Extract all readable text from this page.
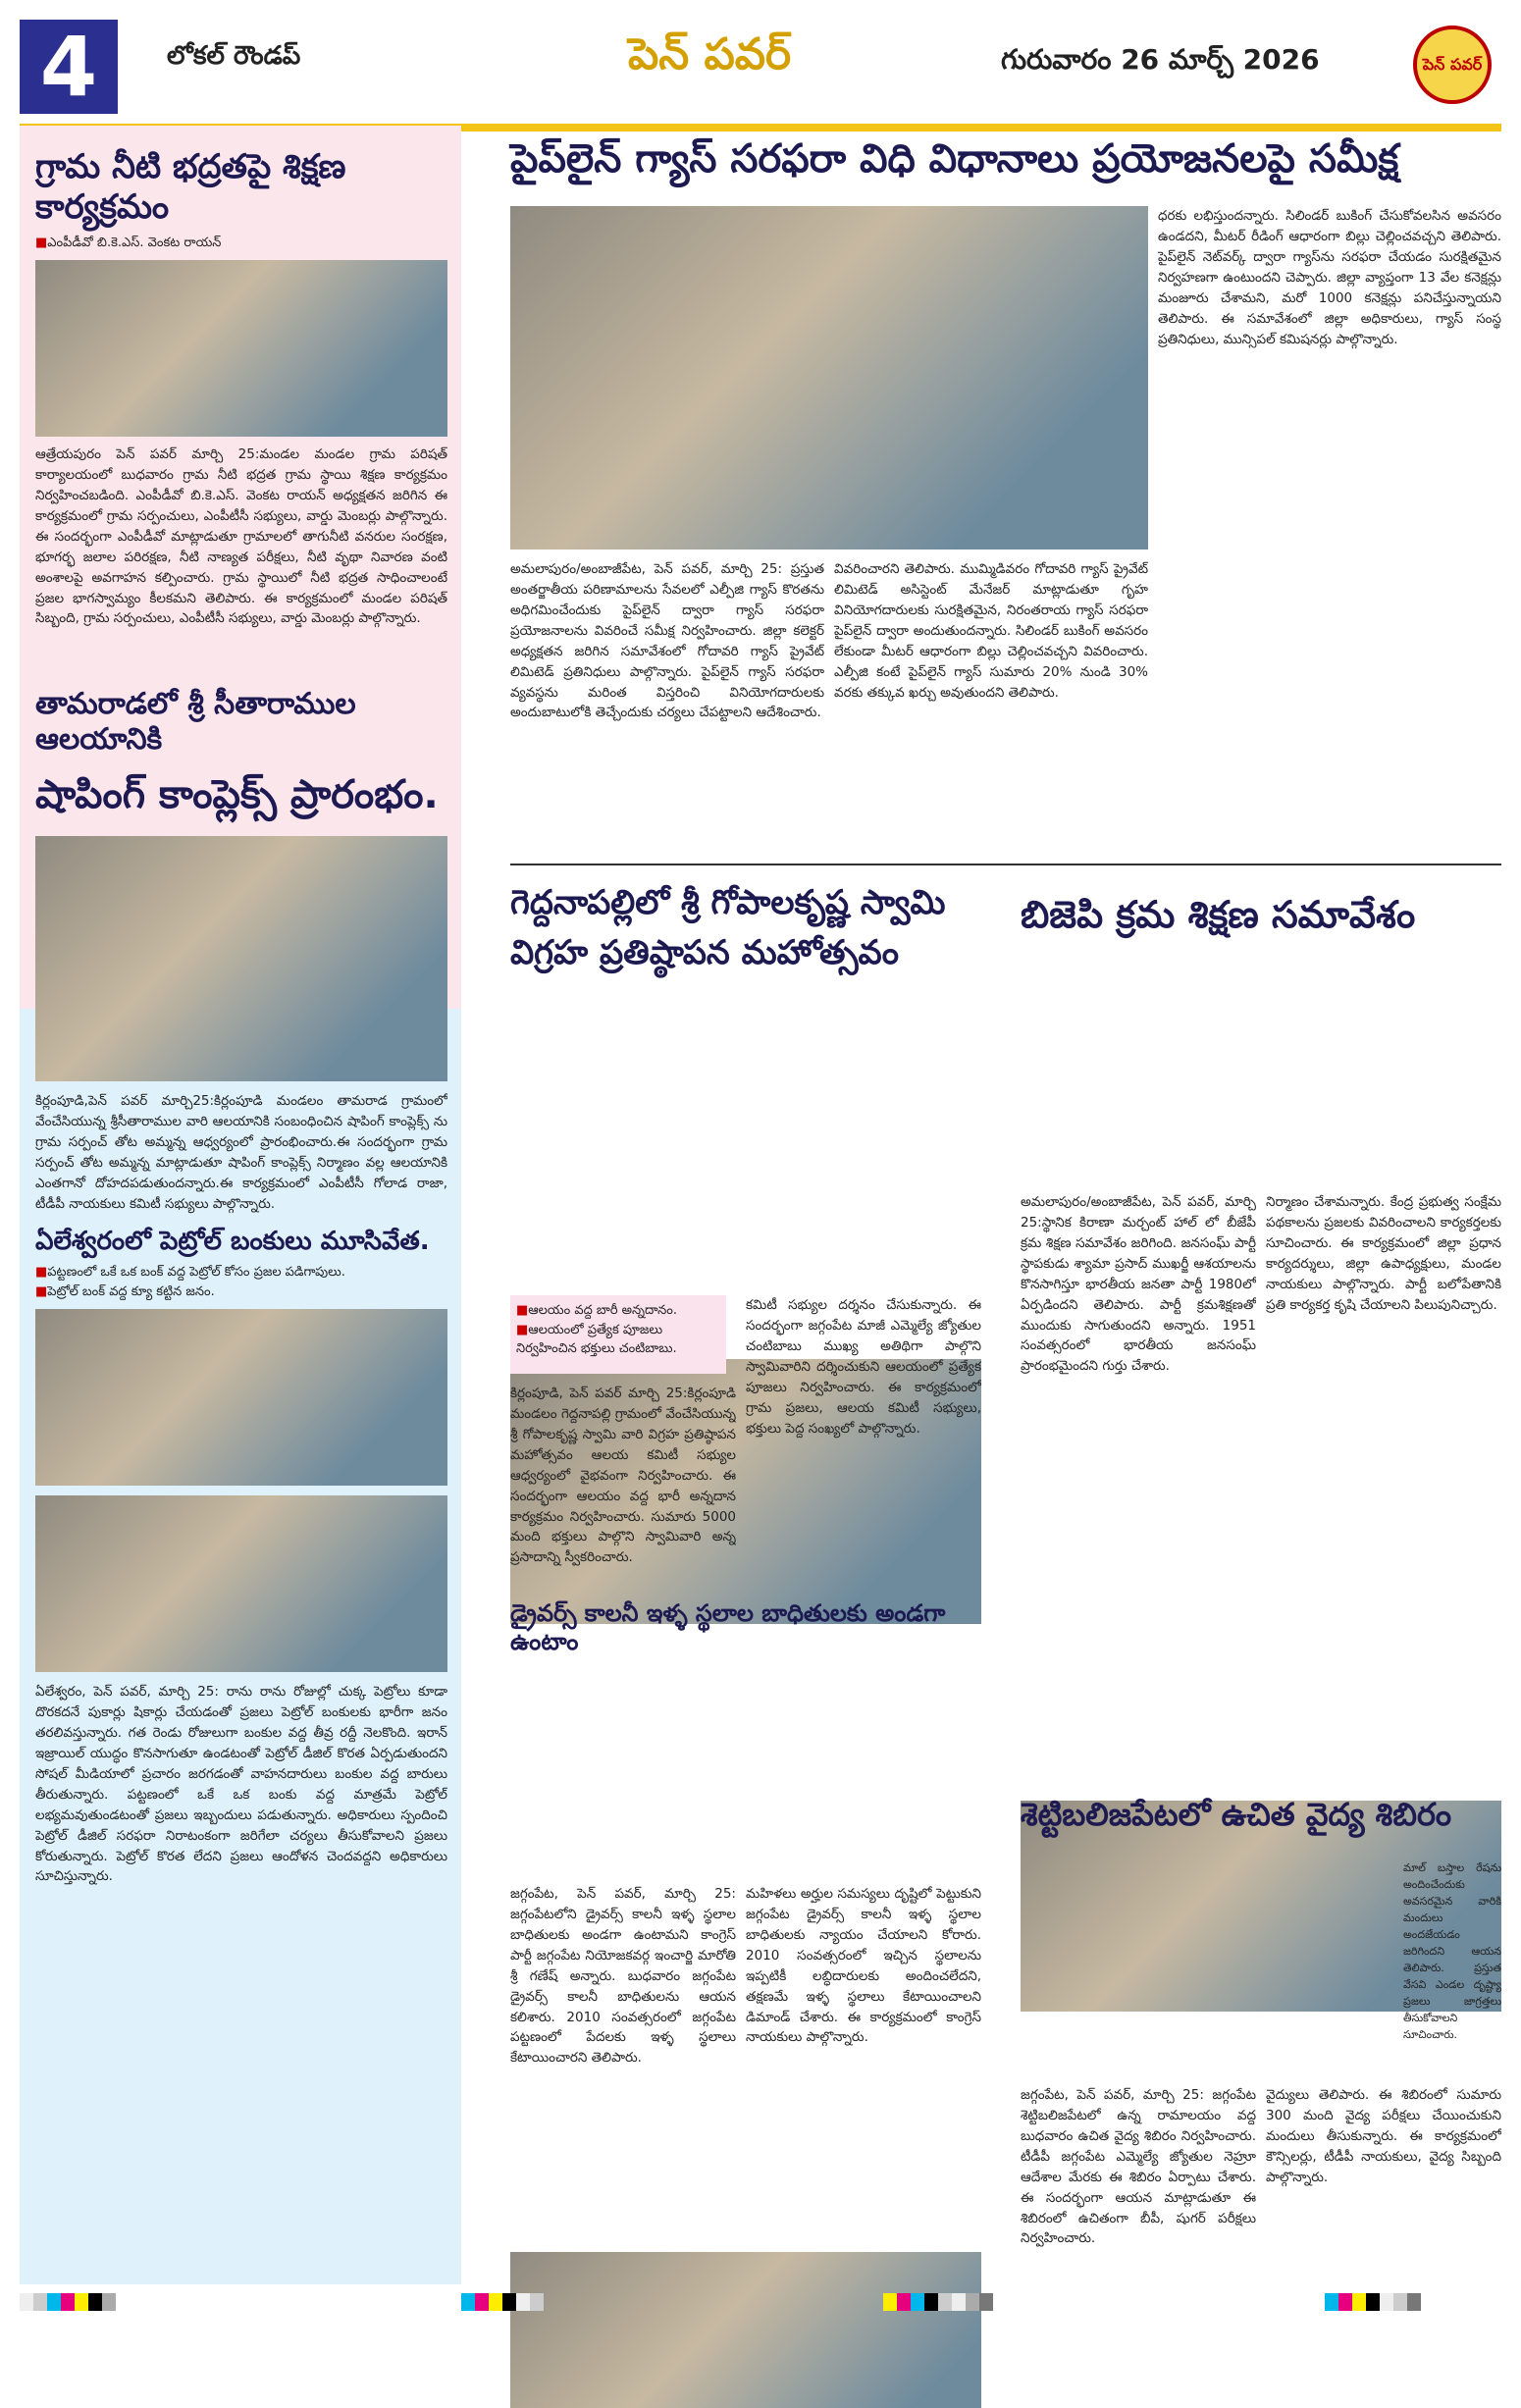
4	లోకల్ రౌండప్	పెన్ పవర్	గురువారం 26 మార్చ్ 2026	పెన్ పవర్
గ్రామ నీటి భద్రతపై శిక్షణ కార్యక్రమం
■ ఎంపీడీవో బి.కె.ఎస్. వెంకట రాయన్
ఆత్రేయపురం పెన్ పవర్ మార్చి 25:మండల మండల గ్రామ పరిషత్ కార్యాలయంలో బుధవారం గ్రామ నీటి భద్రత గ్రామ స్థాయి శిక్షణ కార్యక్రమం నిర్వహించబడింది. ఎంపీడీవో బి.కె.ఎస్. వెంకట రాయన్ అధ్యక్షతన జరిగిన ఈ కార్యక్రమంలో గ్రామ సర్పంచులు, ఎంపీటీసీ సభ్యులు, వార్డు మెంబర్లు పాల్గొన్నారు. ఈ సందర్భంగా ఎంపీడీవో మాట్లాడుతూ గ్రామాలలో తాగునీటి వనరుల సంరక్షణ, భూగర్భ జలాల పరిరక్షణ, నీటి నాణ్యత పరీక్షలు, నీటి వృథా నివారణ వంటి అంశాలపై అవగాహన కల్పించారు. గ్రామ స్థాయిలో నీటి భద్రత సాధించాలంటే ప్రజల భాగస్వామ్యం కీలకమని తెలిపారు. ఈ కార్యక్రమంలో మండల పరిషత్ సిబ్బంది, గ్రామ సర్పంచులు, ఎంపీటీసీ సభ్యులు, వార్డు మెంబర్లు పాల్గొన్నారు.
తామరాడలో శ్రీ సీతారాముల ఆలయానికి
షాపింగ్ కాంప్లెక్స్ ప్రారంభం.
కిర్లంపూడి,పెన్ పవర్ మార్చి25:కిర్లంపూడి మండలం తామరాడ గ్రామంలో వేంచేసియున్న శ్రీసీతారాముల వారి ఆలయానికి సంబంధించిన షాపింగ్ కాంప్లెక్స్ ను గ్రామ సర్పంచ్ తోట అమ్మన్న ఆధ్వర్యంలో ప్రారంభించారు.ఈ సందర్భంగా గ్రామ సర్పంచ్ తోట అమ్మన్న మాట్లాడుతూ షాపింగ్ కాంప్లెక్స్ నిర్మాణం వల్ల ఆలయానికి ఎంతగానో దోహదపడుతుందన్నారు.ఈ కార్యక్రమంలో ఎంపీటీసీ గోలాడ రాజా, టీడీపీ నాయకులు కమిటీ సభ్యులు పాల్గొన్నారు.
ఏలేశ్వరంలో పెట్రోల్ బంకులు మూసివేత.
■ పట్టణంలో ఒకే ఒక బంక్ వద్ద పెట్రోల్ కోసం ప్రజల పడిగాపులు.
■ పెట్రోల్ బంక్ వద్ద క్యూ కట్టిన జనం.
ఏలేశ్వరం, పెన్ పవర్, మార్చి 25: రాను రాను రోజుల్లో చుక్క పెట్రోలు కూడా దొరకదనే పుకార్లు షికార్లు చేయడంతో ప్రజలు పెట్రోల్ బంకులకు భారీగా జనం తరలివస్తున్నారు. గత రెండు రోజులుగా బంకుల వద్ద తీవ్ర రద్దీ నెలకొంది. ఇరాన్ ఇజ్రాయిల్ యుద్ధం కొనసాగుతూ ఉండటంతో పెట్రోల్ డీజిల్ కొరత ఏర్పడుతుందని సోషల్ మీడియాలో ప్రచారం జరగడంతో వాహనదారులు బంకుల వద్ద బారులు తీరుతున్నారు. పట్టణంలో ఒకే ఒక బంకు వద్ద మాత్రమే పెట్రోల్ లభ్యమవుతుండటంతో ప్రజలు ఇబ్బందులు పడుతున్నారు. అధికారులు స్పందించి పెట్రోల్ డీజిల్ సరఫరా నిరాటంకంగా జరిగేలా చర్యలు తీసుకోవాలని ప్రజలు కోరుతున్నారు. పెట్రోల్ కొరత లేదని ప్రజలు ఆందోళన చెందవద్దని అధికారులు సూచిస్తున్నారు.
పైప్‌లైన్ గ్యాస్ సరఫరా విధి విధానాలు ప్రయోజనలపై సమీక్ష
అమలాపురం/అంబాజీపేట, పెన్ పవర్, మార్చి 25: ప్రస్తుత అంతర్జాతీయ పరిణామాలను సేవలలో ఎల్పీజి గ్యాస్ కొరతను అధిగమించేందుకు పైప్‌లైన్ ద్వారా గ్యాస్ సరఫరా ప్రయోజనాలను వివరించే సమీక్ష నిర్వహించారు. జిల్లా కలెక్టర్ అధ్యక్షతన జరిగిన సమావేశంలో గోదావరి గ్యాస్ ప్రైవేట్ లిమిటెడ్ ప్రతినిధులు పాల్గొన్నారు. పైప్‌లైన్ గ్యాస్ సరఫరా వ్యవస్థను మరింత విస్తరించి వినియోగదారులకు అందుబాటులోకి తెచ్చేందుకు చర్యలు చేపట్టాలని ఆదేశించారు.
వివరించారని తెలిపారు. ముమ్మిడివరం గోదావరి గ్యాస్ ప్రైవేట్ లిమిటెడ్ అసిస్టెంట్ మేనేజర్ మాట్లాడుతూ గృహ వినియోగదారులకు సురక్షితమైన, నిరంతరాయ గ్యాస్ సరఫరా పైప్‌లైన్ ద్వారా అందుతుందన్నారు. సిలిండర్ బుకింగ్ అవసరం లేకుండా మీటర్ ఆధారంగా బిల్లు చెల్లించవచ్చని వివరించారు. ఎల్పీజి కంటే పైప్‌లైన్ గ్యాస్ సుమారు 20% నుండి 30% వరకు తక్కువ ఖర్చు అవుతుందని తెలిపారు.
ధరకు లభిస్తుందన్నారు. సిలిండర్ బుకింగ్ చేసుకోవలసిన అవసరం ఉండదని, మీటర్ రీడింగ్ ఆధారంగా బిల్లు చెల్లించవచ్చని తెలిపారు. పైప్‌లైన్ నెట్‌వర్క్ ద్వారా గ్యాస్‌ను సరఫరా చేయడం సురక్షితమైన నిర్వహణగా ఉంటుందని చెప్పారు. జిల్లా వ్యాప్తంగా 13 వేల కనెక్షన్లు మంజూరు చేశామని, మరో 1000 కనెక్షన్లు పనిచేస్తున్నాయని తెలిపారు. ఈ సమావేశంలో జిల్లా అధికారులు, గ్యాస్ సంస్థ ప్రతినిధులు, మున్సిపల్ కమిషనర్లు పాల్గొన్నారు.
గెద్దనాపల్లిలో శ్రీ గోపాలకృష్ణ స్వామి
విగ్రహ ప్రతిష్ఠాపన మహోత్సవం
■ ఆలయం వద్ద బారీ అన్నదానం.
■ ఆలయంలో ప్రత్యేక పూజలు నిర్వహించిన భక్తులు చంటిబాబు.
కిర్లంపూడి, పెన్ పవర్ మార్చి 25:కిర్లంపూడి మండలం గెద్దనాపల్లి గ్రామంలో వేంచేసియున్న శ్రీ గోపాలకృష్ణ స్వామి వారి విగ్రహ ప్రతిష్ఠాపన మహోత్సవం ఆలయ కమిటీ సభ్యుల ఆధ్వర్యంలో వైభవంగా నిర్వహించారు. ఈ సందర్భంగా ఆలయం వద్ద భారీ అన్నదాన కార్యక్రమం నిర్వహించారు. సుమారు 5000 మంది భక్తులు పాల్గొని స్వామివారి అన్న ప్రసాదాన్ని స్వీకరించారు.
కమిటీ సభ్యుల దర్శనం చేసుకున్నారు. ఈ సందర్భంగా జగ్గంపేట మాజీ ఎమ్మెల్యే జ్యోతుల చంటిబాబు ముఖ్య అతిథిగా పాల్గొని స్వామివారిని దర్శించుకుని ఆలయంలో ప్రత్యేక పూజలు నిర్వహించారు. ఈ కార్యక్రమంలో గ్రామ ప్రజలు, ఆలయ కమిటీ సభ్యులు, భక్తులు పెద్ద సంఖ్యలో పాల్గొన్నారు.
డ్రైవర్స్ కాలనీ ఇళ్ళ స్థలాల బాధితులకు అండగా ఉంటాం
జగ్గంపేట, పెన్ పవర్, మార్చి 25: జగ్గంపేటలోని డ్రైవర్స్ కాలనీ ఇళ్ళ స్థలాల బాధితులకు అండగా ఉంటామని కాంగ్రెస్ పార్టీ జగ్గంపేట నియోజకవర్గ ఇంచార్జి మారోతి శ్రీ గణేష్ అన్నారు. బుధవారం జగ్గంపేట డ్రైవర్స్ కాలనీ బాధితులను ఆయన కలిశారు. 2010 సంవత్సరంలో జగ్గంపేట పట్టణంలో పేదలకు ఇళ్ళ స్థలాలు కేటాయించారని తెలిపారు.
మహిళలు అర్హుల సమస్యలు దృష్టిలో పెట్టుకుని జగ్గంపేట డ్రైవర్స్ కాలనీ ఇళ్ళ స్థలాల బాధితులకు న్యాయం చేయాలని కోరారు. 2010 సంవత్సరంలో ఇచ్చిన స్థలాలను ఇప్పటికీ లబ్ధిదారులకు అందించలేదని, తక్షణమే ఇళ్ళ స్థలాలు కేటాయించాలని డిమాండ్ చేశారు. ఈ కార్యక్రమంలో కాంగ్రెస్ నాయకులు పాల్గొన్నారు.
బిజెపి క్రమ శిక్షణ సమావేశం
అమలాపురం/అంబాజీపేట, పెన్ పవర్, మార్చి 25:స్థానిక కిరాణా మర్చంట్ హాల్ లో బీజేపీ క్రమ శిక్షణ సమావేశం జరిగింది. జనసంఘ్ పార్టీ స్థాపకుడు శ్యామా ప్రసాద్ ముఖర్జీ ఆశయాలను కొనసాగిస్తూ భారతీయ జనతా పార్టీ 1980లో ఏర్పడిందని తెలిపారు. పార్టీ క్రమశిక్షణతో ముందుకు సాగుతుందని అన్నారు. 1951 సంవత్సరంలో భారతీయ జనసంఘ్ ప్రారంభమైందని గుర్తు చేశారు.
నిర్మాణం చేశామన్నారు. కేంద్ర ప్రభుత్వ సంక్షేమ పథకాలను ప్రజలకు వివరించాలని కార్యకర్తలకు సూచించారు. ఈ కార్యక్రమంలో జిల్లా ప్రధాన కార్యదర్శులు, జిల్లా ఉపాధ్యక్షులు, మండల నాయకులు పాల్గొన్నారు. పార్టీ బలోపేతానికి ప్రతి కార్యకర్త కృషి చేయాలని పిలుపునిచ్చారు.
శెట్టిబలిజపేటలో ఉచిత వైద్య శిబిరం
మాల్ బస్తాల రేషను అందించేందుకు అవసరమైన వారికి మందులు అందజేయడం జరిగిందని ఆయన తెలిపారు. ప్రస్తుత వేసవి ఎండల దృష్ట్యా ప్రజలు జాగ్రత్తలు తీసుకోవాలని సూచించారు.
జగ్గంపేట, పెన్ పవర్, మార్చి 25: జగ్గంపేట శెట్టిబలిజపేటలో ఉన్న రామాలయం వద్ద బుధవారం ఉచిత వైద్య శిబిరం నిర్వహించారు. టీడీపీ జగ్గంపేట ఎమ్మెల్యే జ్యోతుల నెహ్రూ ఆదేశాల మేరకు ఈ శిబిరం ఏర్పాటు చేశారు. ఈ సందర్భంగా ఆయన మాట్లాడుతూ ఈ శిబిరంలో ఉచితంగా బీపీ, షుగర్ పరీక్షలు నిర్వహించారు.
వైద్యులు తెలిపారు. ఈ శిబిరంలో సుమారు 300 మంది వైద్య పరీక్షలు చేయించుకుని మందులు తీసుకున్నారు. ఈ కార్యక్రమంలో కౌన్సిలర్లు, టీడీపీ నాయకులు, వైద్య సిబ్బంది పాల్గొన్నారు.
